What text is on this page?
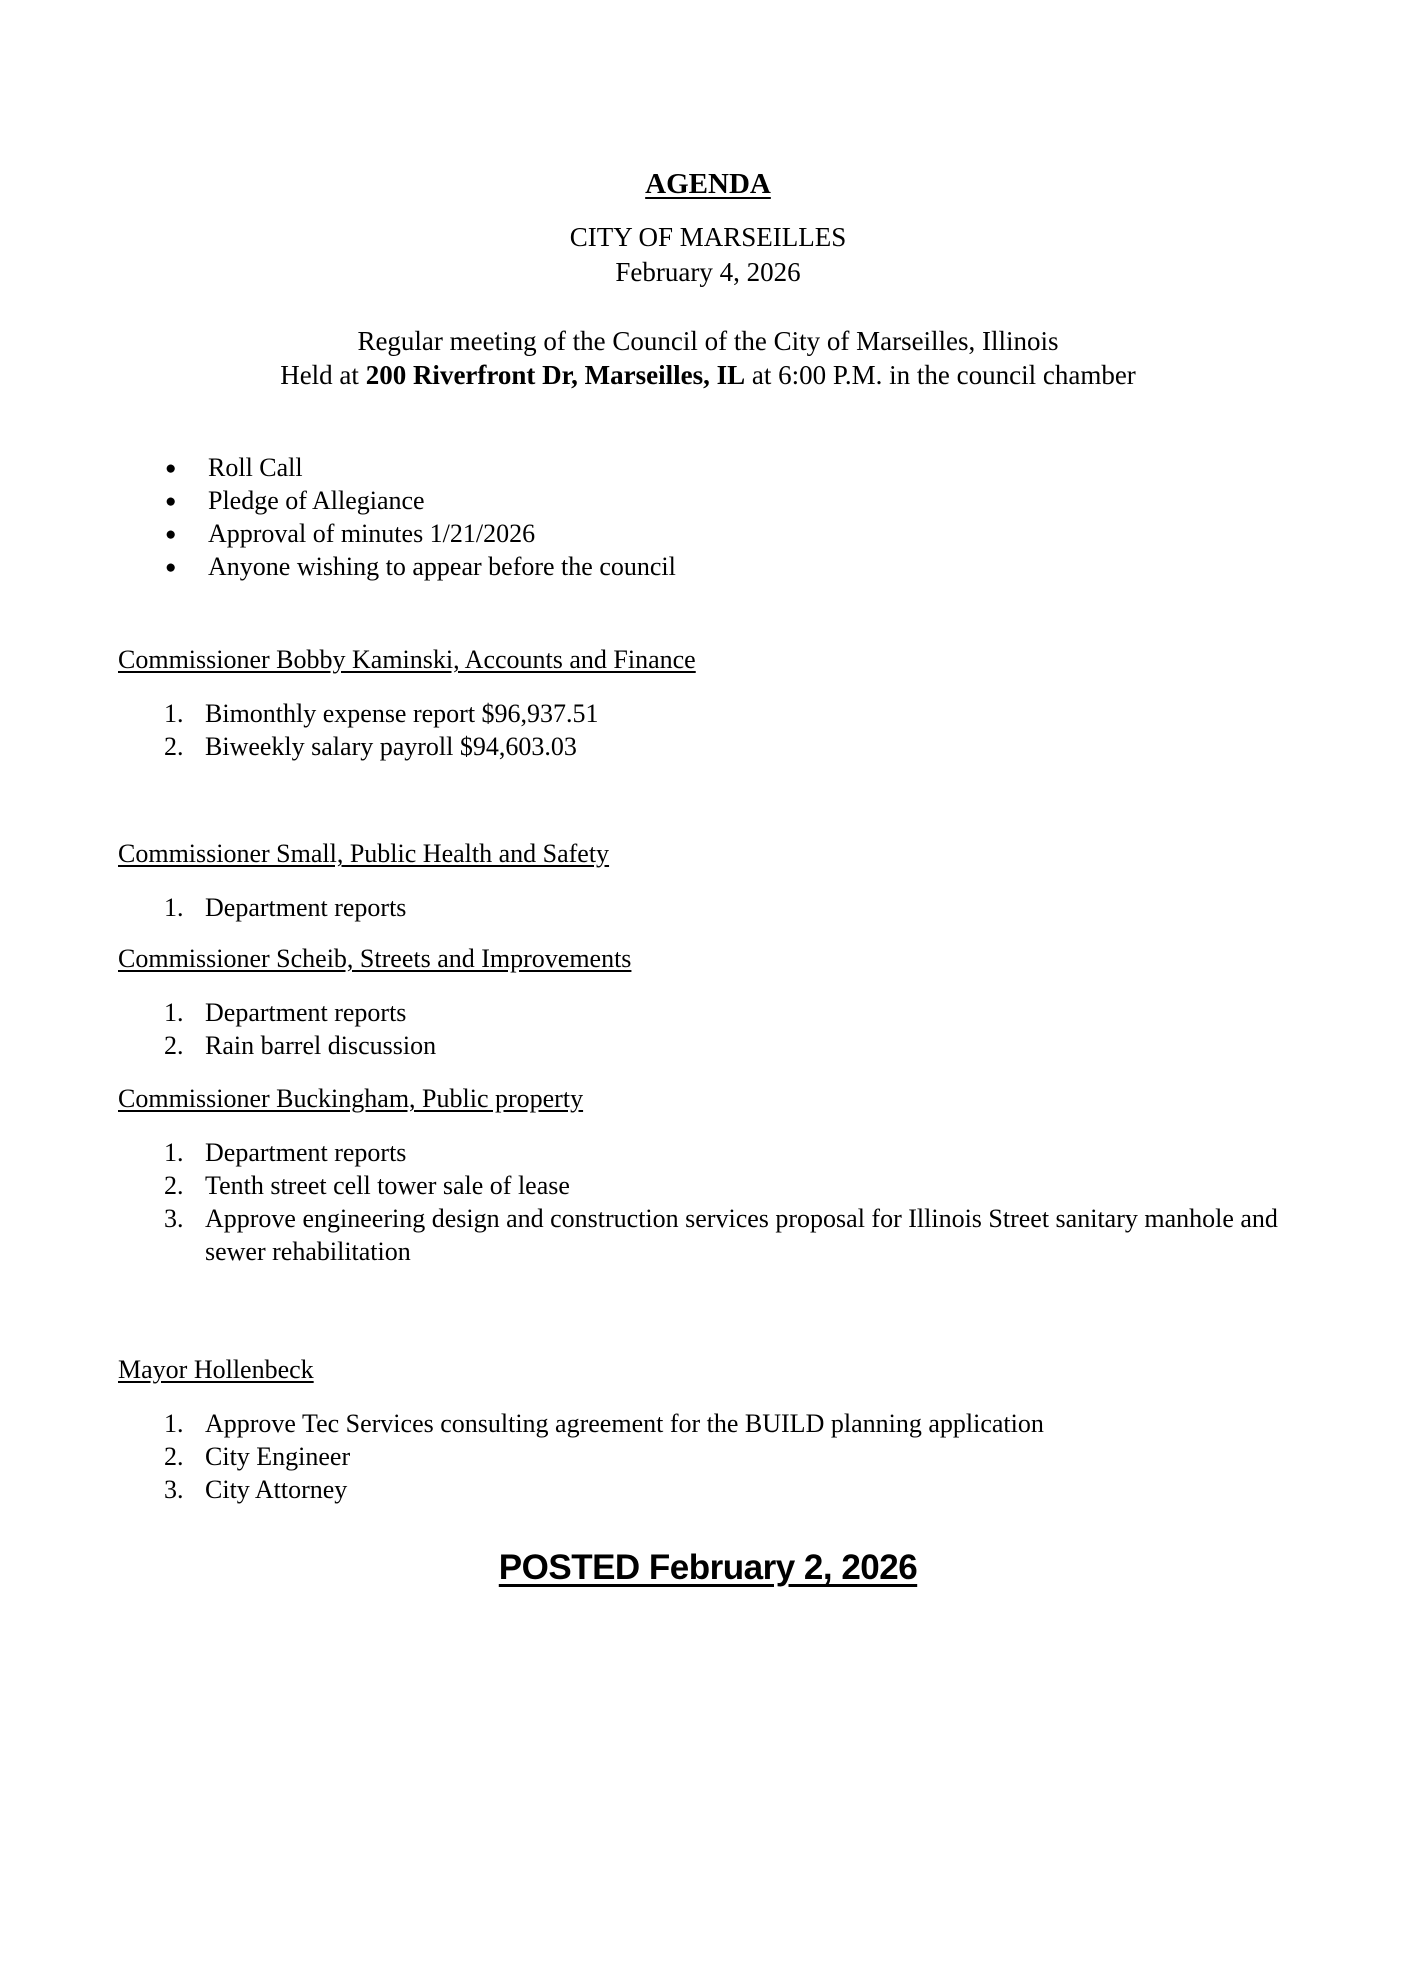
AGENDA
CITY OF MARSEILLES
February 4, 2026
Regular meeting of the Council of the City of Marseilles, Illinois
Held at 200 Riverfront Dr, Marseilles, IL at 6:00 P.M. in the council chamber
● Roll Call
● Pledge of Allegiance
● Approval of minutes 1/21/2026
● Anyone wishing to appear before the council
Commissioner Bobby Kaminski, Accounts and Finance
1. Bimonthly expense report $96,937.51
2. Biweekly salary payroll $94,603.03
Commissioner Small, Public Health and Safety
1. Department reports
Commissioner Scheib, Streets and Improvements
1. Department reports
2. Rain barrel discussion
Commissioner Buckingham, Public property
1. Department reports
2. Tenth street cell tower sale of lease
3. Approve engineering design and construction services proposal for Illinois Street sanitary manhole and sewer rehabilitation
Mayor Hollenbeck
1. Approve Tec Services consulting agreement for the BUILD planning application
2. City Engineer
3. City Attorney
POSTED February 2, 2026
